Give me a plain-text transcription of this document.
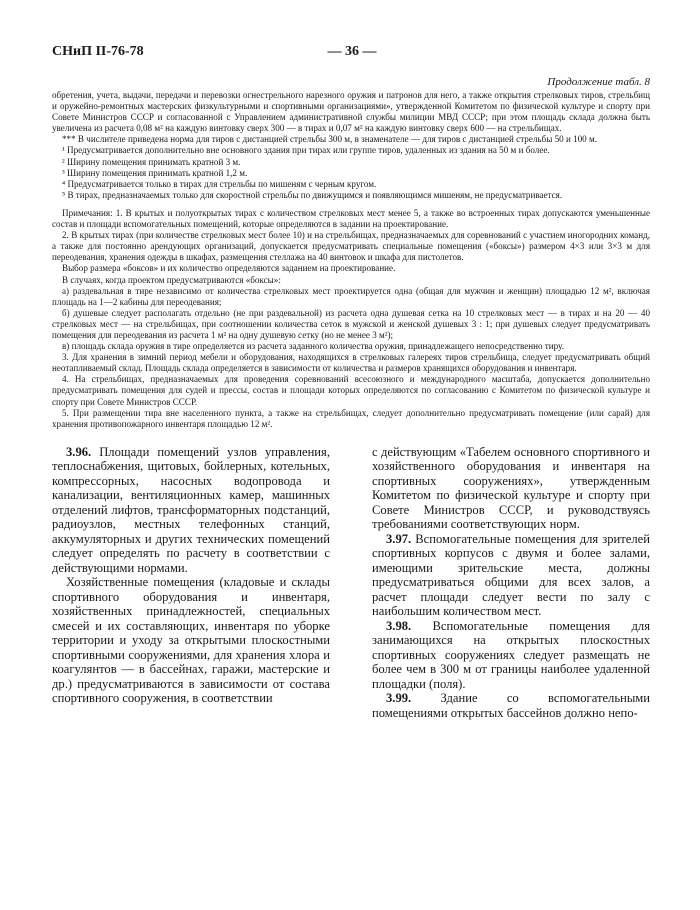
СНиП II-76-78	— 36 —
Продолжение табл. 8

обретения, учета, выдачи, передачи и перевозки огнестрельного нарезного оружия и патронов для него, а также открытия стрелковых тиров, стрельбищ и оружейно-ремонтных мастерских физкультурными и спортивными организациями», утвержденной Комитетом по физической культуре и спорту при Совете Министров СССР и согласованной с Управлением административной службы милиции МВД СССР; при этом площадь склада должна быть увеличена из расчета 0,08 м² на каждую винтовку сверх 300 — в тирах и 0,07 м² на каждую винтовку сверх 600 — на стрельбищах.

*** В числителе приведена норма для тиров с дистанцией стрельбы 300 м, в знаменателе — для тиров с дистанцией стрельбы 50 и 100 м.

¹ Предусматривается дополнительно вне основного здания при тирах или группе тиров, удаленных из здания на 50 м и более.

² Ширину помещения принимать кратной 3 м.

³ Ширину помещения принимать кратной 1,2 м.

⁴ Предусматривается только в тирах для стрельбы по мишеням с черным кругом.

⁵ В тирах, предназначаемых только для скоростной стрельбы по движущимся и появляющимся мишеням, не предусматривается.

Примечания: 1. В крытых и полуоткрытых тирах с количеством стрелковых мест менее 5, а также во встроенных тирах допускаются уменьшенные состав и площади вспомогательных помещений, которые определяются в задании на проектирование.

2. В крытых тирах (при количестве стрелковых мест более 10) и на стрельбищах, предназначаемых для соревнований с участием иногородних команд, а также для постоянно арендующих организаций, допускается предусматривать специальные помещения («боксы») размером 4×3 или 3×3 м для переодевания, хранения одежды в шкафах, размещения стеллажа на 40 винтовок и шкафа для пистолетов.

Выбор размера «боксов» и их количество определяются заданием на проектирование.

В случаях, когда проектом предусматриваются «боксы»:

а) раздевальная в тире независимо от количества стрелковых мест проектируется одна (общая для мужчин и женщин) площадью 12 м², включая площадь на 1—2 кабины для переодевания;

б) душевые следует располагать отдельно (не при раздевальной) из расчета одна душевая сетка на 10 стрелковых мест — в тирах и на 20 — 40 стрелковых мест — на стрельбищах, при соотношении количества сеток в мужской и женской душевых 3 : 1; при душевых следует предусматривать помещения для переодевания из расчета 1 м² на одну душевую сетку (но не менее 3 м²);

в) площадь склада оружия в тире определяется из расчета заданного количества оружия, принадлежащего непосредственно тиру.

3. Для хранения в зимний период мебели и оборудования, находящихся в стрелковых галереях тиров стрельбища, следует предусматривать общий неотапливаемый склад. Площадь склада определяется в зависимости от количества и размеров хранящихся оборудования и инвентаря.

4. На стрельбищах, предназначаемых для проведения соревнований всесоюзного и международного масштаба, допускается дополнительно предусматривать помещения для судей и прессы, состав и площади которых определяются по согласованию с Комитетом по физической культуре и спорту при Совете Министров СССР.

5. При размещении тира вне населенного пункта, а также на стрельбищах, следует дополнительно предусматривать помещение (или сарай) для хранения противопожарного инвентаря площадью 12 м².

3.96. Площади помещений узлов управления, теплоснабжения, щитовых, бойлерных, котельных, компрессорных, насосных водопровода и канализации, вентиляционных камер, машинных отделений лифтов, трансформаторных подстанций, радиоузлов, местных телефонных станций, аккумуляторных и других технических помещений следует определять по расчету в соответствии с действующими нормами.

Хозяйственные помещения (кладовые и склады спортивного оборудования и инвентаря, хозяйственных принадлежностей, специальных смесей и их составляющих, инвентаря по уборке территории и уходу за открытыми плоскостными спортивными сооружениями, для хранения хлора и коагулянтов — в бассейнах, гаражи, мастерские и др.) предусматриваются в зависимости от состава спортивного сооружения, в соответствии

с действующим «Табелем основного спортивного и хозяйственного оборудования и инвентаря на спортивных сооружениях», утвержденным Комитетом по физической культуре и спорту при Совете Министров СССР, и руководствуясь требованиями соответствующих норм.

3.97. Вспомогательные помещения для зрителей спортивных корпусов с двумя и более залами, имеющими зрительские места, должны предусматриваться общими для всех залов, а расчет площади следует вести по залу с наибольшим количеством мест.

3.98. Вспомогательные помещения для занимающихся на открытых плоскостных спортивных сооружениях следует размещать не более чем в 300 м от границы наиболее удаленной площадки (поля).

3.99. Здание со вспомогательными помещениями открытых бассейнов должно непо-
